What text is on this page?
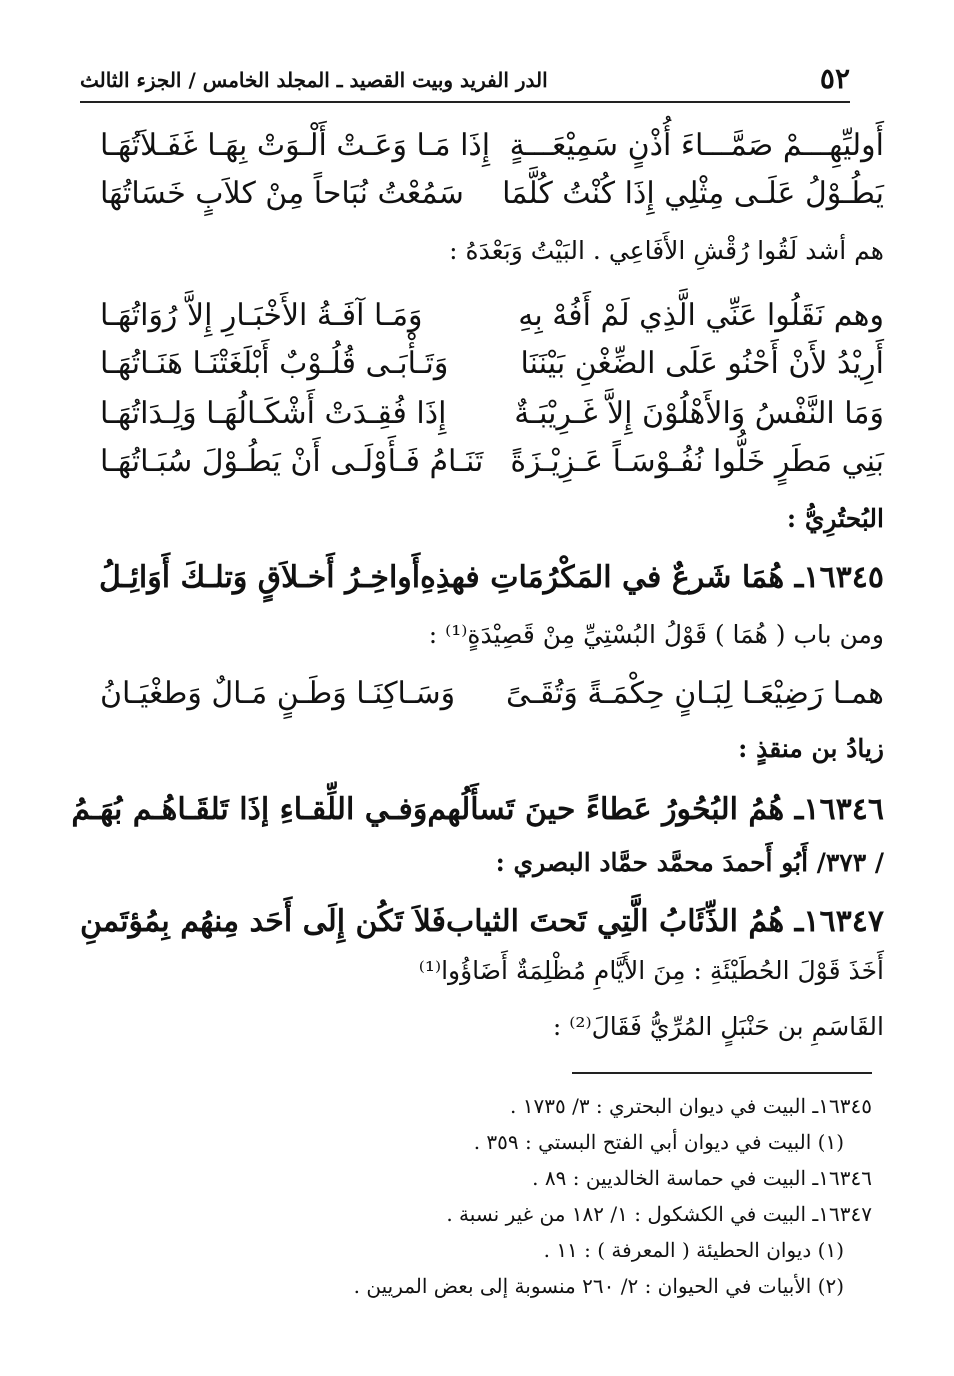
٥٢
الدر الفريد وبيت القصيد ـ المجلد الخامس / الجزء الثالث
أَوليِّهِـــمْ صَمَّـــاءَ أُذْنٍ سَمِيْعَـــةٍ
إِذَا مَـا وَعَـتْ أَلْـوَتْ بِهَـا غَفَـلاَتُهَـا
يَطُـوْلُ عَلَـى مِثْلِي إِذَا كُنْتُ كُلَّمَا
سَمُعْتُ نُبَاحاً مِنْ كلاَبٍ خَسَاتُهَا
هم أشد لَقُوا رُقْشِ الأَفَاعِي . البَيْتُ وَبَعْدَهُ :
وهم نَقَلُوا عَنِّي الَّذِي لَمْ أَفُهْ بِهِ
وَمَـا آفَـةُ الأَخْبَـارِ إِلاَّ رُوَاتُهَـا
أَرِيْدُ لأَنْ أَحْنُو عَلَى الضِّغْنِ بَيْنَنَا
وَتَـأْبَـى قُلُـوْبٌ أَبْلَغَتْنَـا هَنَـاتُهَـا
وَمَا النَّفْسُ وَالأَهْلُوْنَ إِلاَّ غَـرِيْبَـةٌ
إِذَا فُقِـدَتْ أَشْكَـالُهَـا وَلِـدَاتُهَـا
بَنِي مَطَرٍ خَلُّوا نُفُـوْسَـاً عَـزِيْـزَةً
تَنَـامُ فَـأَوْلَـى أَنْ يَطُـوْلَ سُبَـاتُهَـا
البُحتُرِيُّ :
١٦٣٤٥ـ هُمَا شَرعٌ في المَكْرُمَاتِ فهذِهِ
أَواخِـرُ أَخـلاَقٍ وَتلـكَ أَوَائِـلُ
ومن باب ( هُمَا ) قَوْلُ البُسْتِيِّ مِنْ قَصِيْدَةٍ⁽¹⁾ :
همـا رَضِيْعَـا لِبَـانٍ حِكْمَـةً وَتُقَـىً
وَسَـاكِنَـا وَطَـنٍ مَـالٌ وَطغْيَـانُ
زيادُ بن منقذٍ :
١٦٣٤٦ـ هُمُ البُحُورُ عَطاءً حينَ تَسأَلُهم
وَفـي اللِّقـاءِ إذَا تَلقَـاهُـم بُهَـمُ
/ ٣٧٣/ أَبُو أَحمدَ محمَّد حمَّاد البصري :
١٦٣٤٧ـ هُمُ الذِّئَابُ الَّتِي تَحتَ الثياب
فَلاَ تَكُن إِلَى أَحَد مِنهُم بِمُؤتَمنِ
أَخَذَ قَوْلَ الحُطَيْئَةِ : مِنَ الأَيَّامِ مُظْلِمَةٌ أَضَاؤُوا⁽¹⁾
القَاسَمِ بن حَنْبَلٍ المُرِّيُّ فَقَالَ⁽²⁾ :
١٦٣٤٥ـ البيت في ديوان البحتري : ٣/ ١٧٣٥ .
(١) البيت في ديوان أبي الفتح البستي : ٣٥٩ .
١٦٣٤٦ـ البيت في حماسة الخالديين : ٨٩ .
١٦٣٤٧ـ البيت في الكشكول : ١/ ١٨٢ من غير نسبة .
(١) ديوان الحطيئة ( المعرفة ) : ١١ .
(٢) الأبيات في الحيوان : ٢/ ٢٦٠ منسوبة إلى بعض المريين .
